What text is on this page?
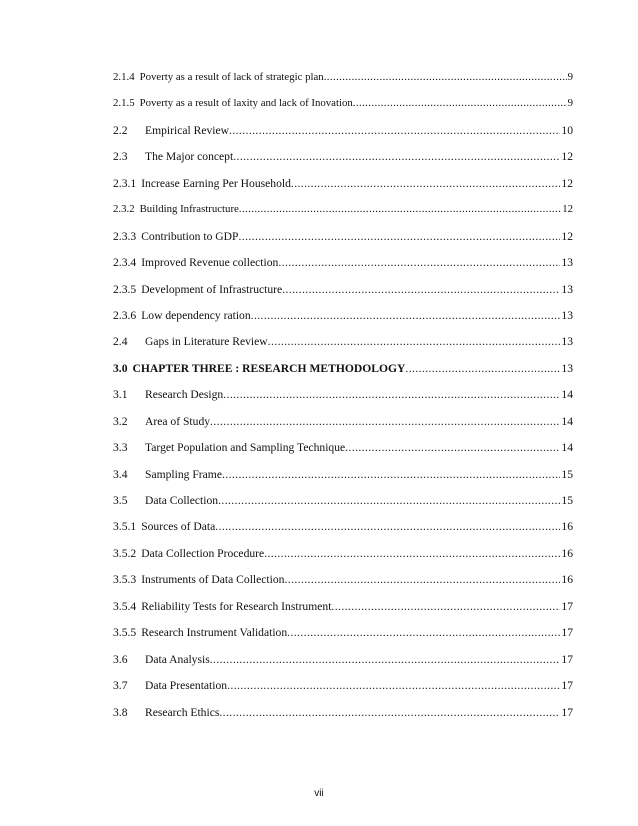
2.1.4 Poverty as a result of lack of strategic plan .....	9
2.1.5 Poverty as a result of laxity and lack of Inovation .....	9
2.2	Empirical Review .....	10
2.3	The Major concept .....	12
2.3.1 Increase Earning Per Household .....	12
2.3.2 Building Infrastructure .....	12
2.3.3 Contribution to GDP .....	12
2.3.4 Improved Revenue collection .....	13
2.3.5 Development of Infrastructure .....	13
2.3.6 Low dependency ration .....	13
2.4	Gaps in Literature Review .....	13
3.0 CHAPTER THREE : RESEARCH METHODOLOGY .....	13
3.1	Research Design .....	14
3.2	Area of Study .....	14
3.3	Target Population and Sampling Technique .....	14
3.4	Sampling Frame .....	15
3.5	Data Collection .....	15
3.5.1 Sources of Data .....	16
3.5.2 Data Collection Procedure .....	16
3.5.3 Instruments of Data Collection .....	16
3.5.4 Reliability Tests for Research Instrument .....	17
3.5.5 Research Instrument Validation .....	17
3.6	Data Analysis .....	17
3.7	Data Presentation .....	17
3.8	Research Ethics .....	17
vii
